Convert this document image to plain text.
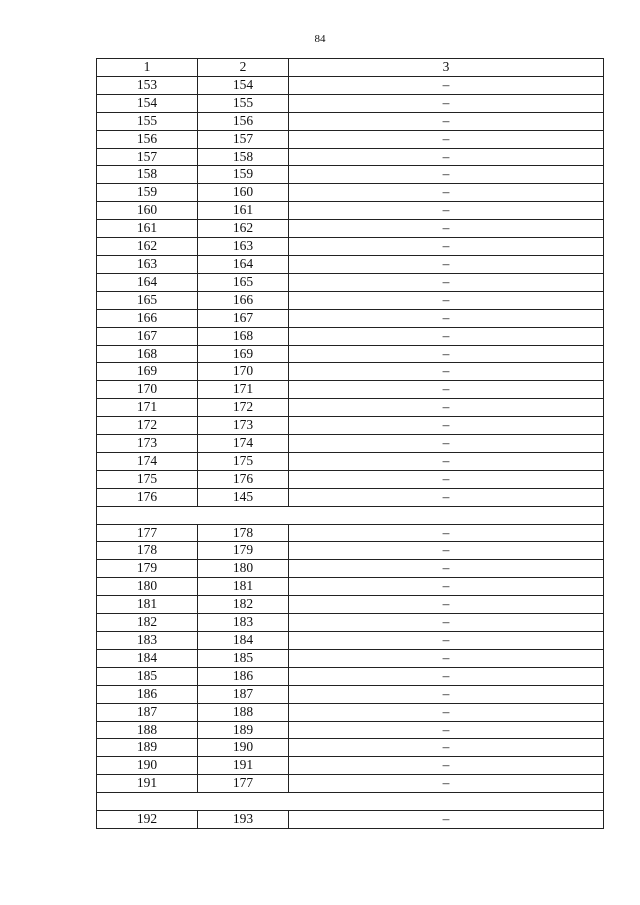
84
1	2	3
153	154	–
154	155	–
155	156	–
156	157	–
157	158	–
158	159	–
159	160	–
160	161	–
161	162	–
162	163	–
163	164	–
164	165	–
165	166	–
166	167	–
167	168	–
168	169	–
169	170	–
170	171	–
171	172	–
172	173	–
173	174	–
174	175	–
175	176	–
176	145	–

177	178	–
178	179	–
179	180	–
180	181	–
181	182	–
182	183	–
183	184	–
184	185	–
185	186	–
186	187	–
187	188	–
188	189	–
189	190	–
190	191	–
191	177	–

192	193	–
